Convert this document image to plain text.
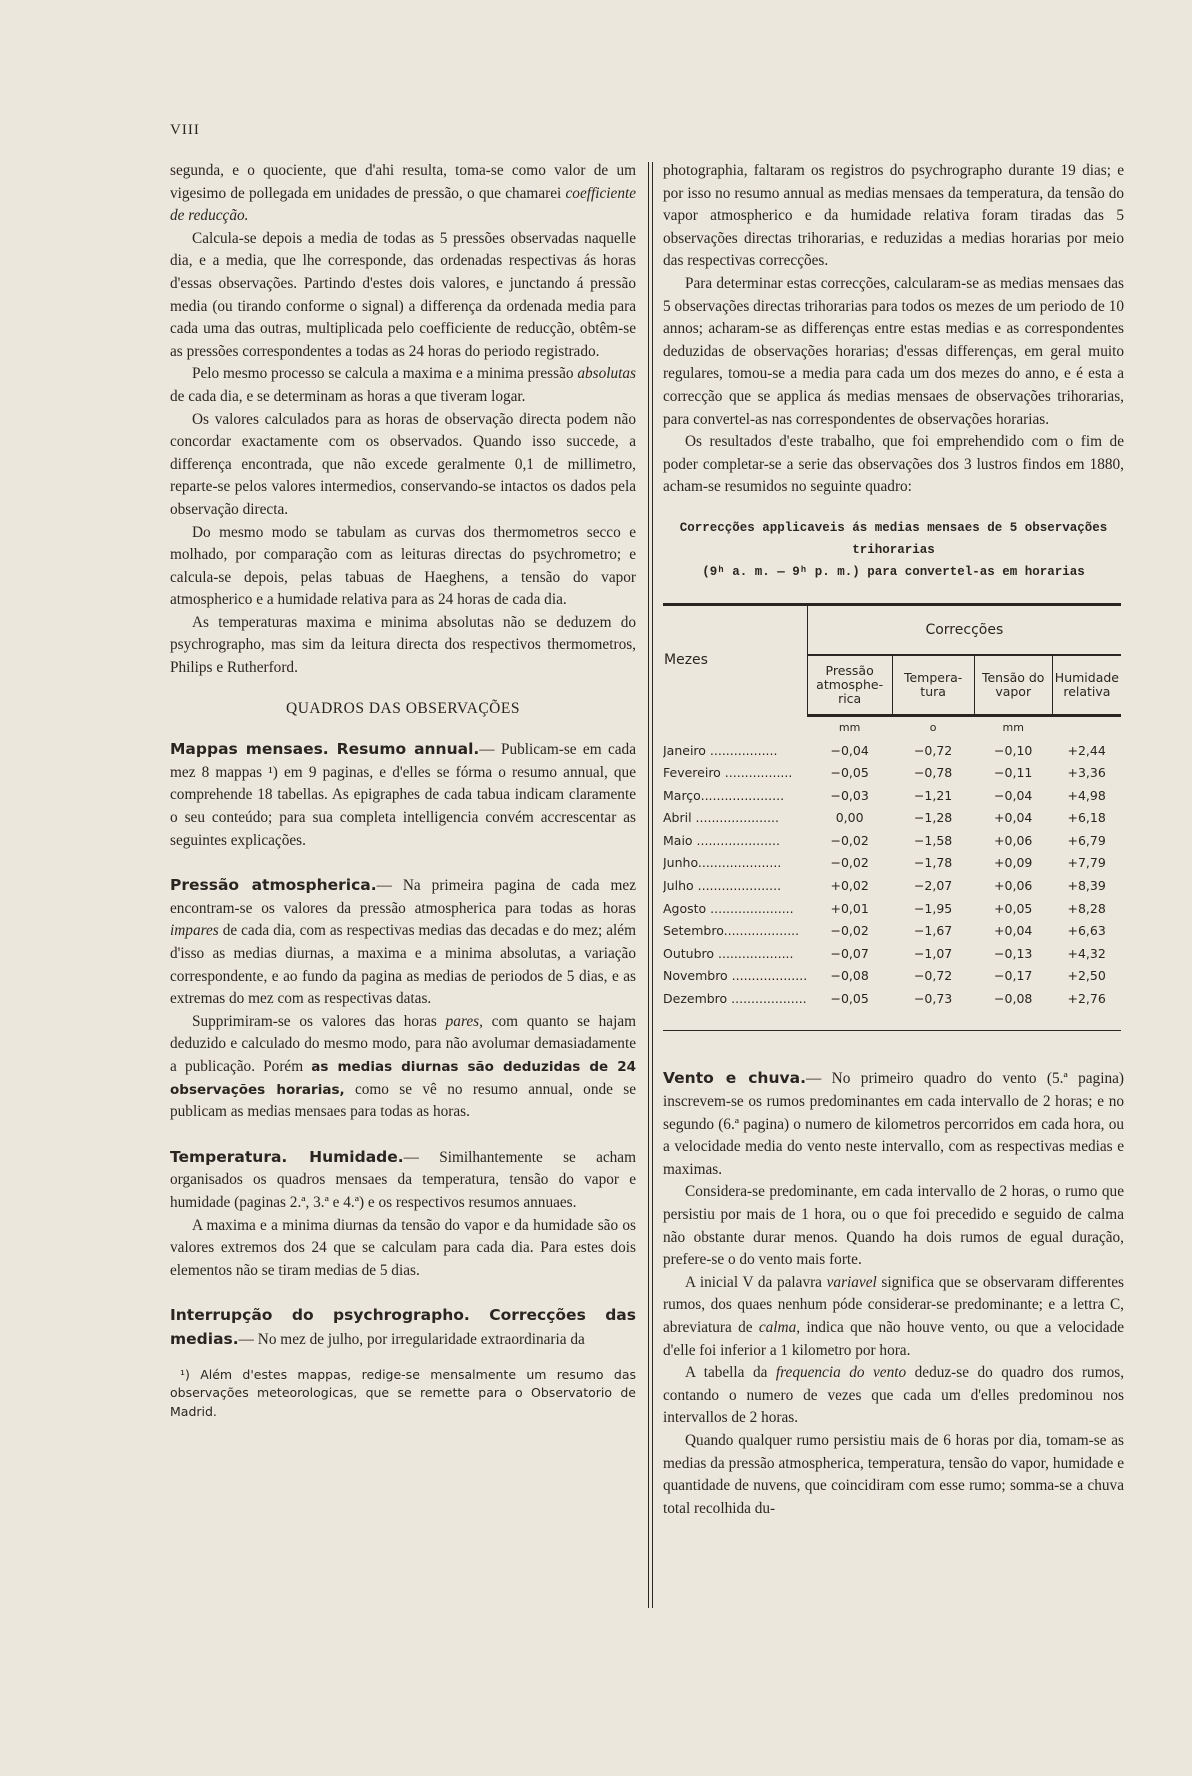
VIII

segunda, e o quociente, que d'ahi resulta, toma-se como valor de um vigesimo de pollegada em unidades de pressão, o que chamarei coefficiente de reducção.

Calcula-se depois a media de todas as 5 pressões observadas naquelle dia, e a media, que lhe corresponde, das ordenadas respectivas ás horas d'essas observações. Partindo d'estes dois valores, e junctando á pressão media (ou tirando conforme o signal) a differença da ordenada media para cada uma das outras, multiplicada pelo coefficiente de reducção, obtêm-se as pressões correspondentes a todas as 24 horas do periodo registrado.

Pelo mesmo processo se calcula a maxima e a minima pressão absolutas de cada dia, e se determinam as horas a que tiveram logar.

Os valores calculados para as horas de observação directa podem não concordar exactamente com os observados. Quando isso succede, a differença encontrada, que não excede geralmente 0,1 de millimetro, reparte-se pelos valores intermedios, conservando-se intactos os dados pela observação directa.

Do mesmo modo se tabulam as curvas dos thermometros secco e molhado, por comparação com as leituras directas do psychrometro; e calcula-se depois, pelas tabuas de Haeghens, a tensão do vapor atmospherico e a humidade relativa para as 24 horas de cada dia.

As temperaturas maxima e minima absolutas não se deduzem do psychrographo, mas sim da leitura directa dos respectivos thermometros, Philips e Rutherford.

QUADROS DAS OBSERVAÇÕES

Mappas mensaes. Resumo annual.— Publicam-se em cada mez 8 mappas ¹) em 9 paginas, e d'elles se fórma o resumo annual, que comprehende 18 tabellas. As epigraphes de cada tabua indicam claramente o seu conteúdo; para sua completa intelligencia convém accrescentar as seguintes explicações.

Pressão atmospherica.— Na primeira pagina de cada mez encontram-se os valores da pressão atmospherica para todas as horas impares de cada dia, com as respectivas medias das decadas e do mez; além d'isso as medias diurnas, a maxima e a minima absolutas, a variação correspondente, e ao fundo da pagina as medias de periodos de 5 dias, e as extremas do mez com as respectivas datas.

Supprimiram-se os valores das horas pares, com quanto se hajam deduzido e calculado do mesmo modo, para não avolumar demasiadamente a publicação. Porém as medias diurnas são deduzidas de 24 observações horarias, como se vê no resumo annual, onde se publicam as medias mensaes para todas as horas.

Temperatura. Humidade.— Similhantemente se acham organisados os quadros mensaes da temperatura, tensão do vapor e humidade (paginas 2.ª, 3.ª e 4.ª) e os respectivos resumos annuaes.

A maxima e a minima diurnas da tensão do vapor e da humidade são os valores extremos dos 24 que se calculam para cada dia. Para estes dois elementos não se tiram medias de 5 dias.

Interrupção do psychrographo. Correcções das medias.— No mez de julho, por irregularidade extraordinaria da

¹) Além d'estes mappas, redige-se mensalmente um resumo das observações meteorologicas, que se remette para o Observatorio de Madrid.

photographia, faltaram os registros do psychrographo durante 19 dias; e por isso no resumo annual as medias mensaes da temperatura, da tensão do vapor atmospherico e da humidade relativa foram tiradas das 5 observações directas trihorarias, e reduzidas a medias horarias por meio das respectivas correcções.

Para determinar estas correcções, calcularam-se as medias mensaes das 5 observações directas trihorarias para todos os mezes de um periodo de 10 annos; acharam-se as differenças entre estas medias e as correspondentes deduzidas de observações horarias; d'essas differenças, em geral muito regulares, tomou-se a media para cada um dos mezes do anno, e é esta a correcção que se applica ás medias mensaes de observações trihorarias, para convertel-as nas correspondentes de observações horarias.

Os resultados d'este trabalho, que foi emprehendido com o fim de poder completar-se a serie das observações dos 3 lustros findos em 1880, acham-se resumidos no seguinte quadro:

Correcções applicaveis ás medias mensaes de 5 observações trihorarias
(9ʰ a. m. — 9ʰ p. m.) para convertel-as em horarias
Mezes	Correcções			
	Pressão atmosphe- rica	Tempera- tura	Tensão do vapor	Humidade relativa
	mm	o	mm	
Janeiro .................	−0,04	−0,72	−0,10	+2,44
Fevereiro .................	−0,05	−0,78	−0,11	+3,36
Março.....................	−0,03	−1,21	−0,04	+4,98
Abril .....................	0,00	−1,28	+0,04	+6,18
Maio .....................	−0,02	−1,58	+0,06	+6,79
Junho.....................	−0,02	−1,78	+0,09	+7,79
Julho .....................	+0,02	−2,07	+0,06	+8,39
Agosto .....................	+0,01	−1,95	+0,05	+8,28
Setembro...................	−0,02	−1,67	+0,04	+6,63
Outubro ...................	−0,07	−1,07	−0,13	+4,32
Novembro ...................	−0,08	−0,72	−0,17	+2,50
Dezembro ...................	−0,05	−0,73	−0,08	+2,76

Vento e chuva.— No primeiro quadro do vento (5.ª pagina) inscrevem-se os rumos predominantes em cada intervallo de 2 horas; e no segundo (6.ª pagina) o numero de kilometros percorridos em cada hora, ou a velocidade media do vento neste intervallo, com as respectivas medias e maximas.

Considera-se predominante, em cada intervallo de 2 horas, o rumo que persistiu por mais de 1 hora, ou o que foi precedido e seguido de calma não obstante durar menos. Quando ha dois rumos de egual duração, prefere-se o do vento mais forte.

A inicial V da palavra variavel significa que se observaram differentes rumos, dos quaes nenhum póde considerar-se predominante; e a lettra C, abreviatura de calma, indica que não houve vento, ou que a velocidade d'elle foi inferior a 1 kilometro por hora.

A tabella da frequencia do vento deduz-se do quadro dos rumos, contando o numero de vezes que cada um d'elles predominou nos intervallos de 2 horas.

Quando qualquer rumo persistiu mais de 6 horas por dia, tomam-se as medias da pressão atmospherica, temperatura, tensão do vapor, humidade e quantidade de nuvens, que coincidiram com esse rumo; somma-se a chuva total recolhida du-
